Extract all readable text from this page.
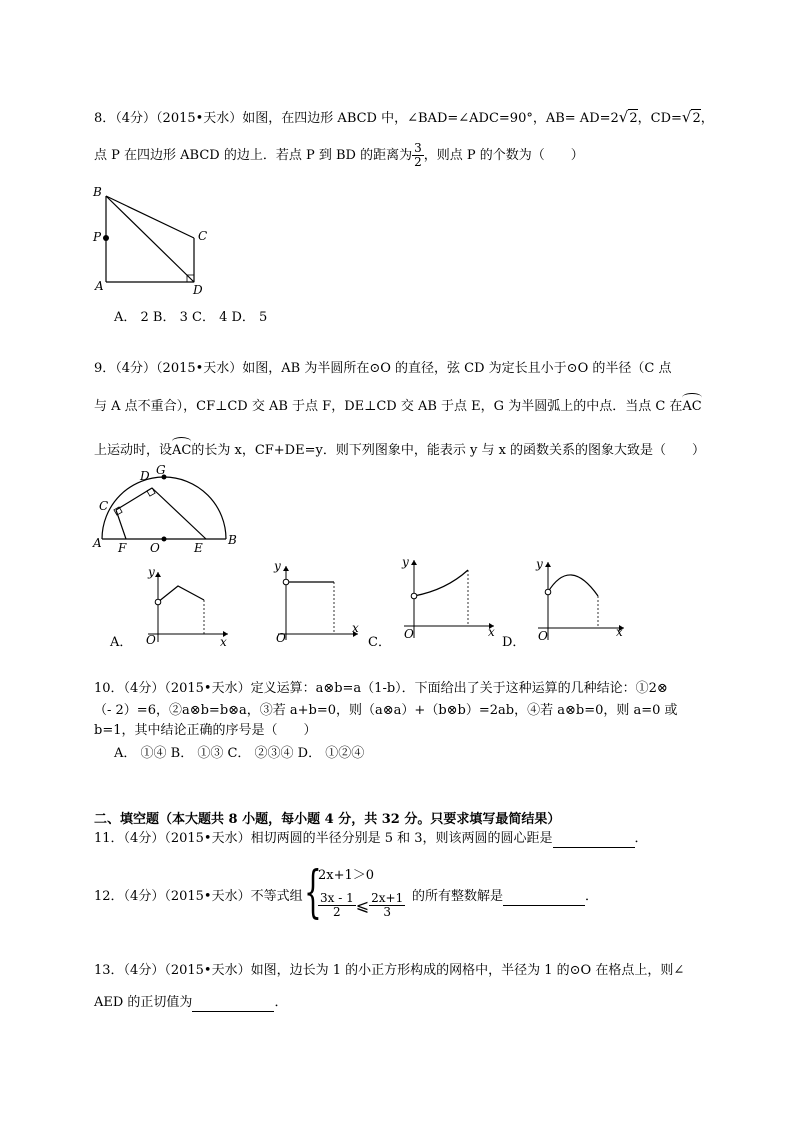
8．（4分）（2015•天水）如图，在四边形 ABCD 中，∠BAD=∠ADC=90°，AB= AD=2√2，CD=√2，
点 P 在四边形 ABCD 的边上．若点 P 到 BD 的距离为 $\frac{3}{2}$ ，则点 P 的个数为（　　）
B
P	C
A	D
A． 2 B． 3 C． 4 D． 5
9．（4分）（2015•天水）如图，AB 为半圆所在⊙O 的直径，弦 CD 为定长且小于⊙O 的半径（C 点
与 A 点不重合），CF⊥CD 交 AB 于点 F，DE⊥CD 交 AB 于点 E，G 为半圆弧上的中点．当点 C 在AC
上运动时，设AC的长为 x，CF+DE=y．则下列图象中，能表示 y 与 x 的函数关系的图象大致是（　　）
D G
C
A F O	E
B
A．
y
x
O
y
x
O	C．
y
x
O
D．
y
x
O
10．（4分）（2015•天水）定义运算：a⊗b=a（1-b）．下面给出了关于这种运算的几种结论：①2⊗
（- 2）=6，②a⊗b=b⊗a，③若 a+b=0，则（a⊗a）+（b⊗b）=2ab，④若 a⊗b=0，则 a=0 或
b=1，其中结论正确的序号是（　　）
A． ①④ B． ①③ C． ②③④ D． ①②④
二、填空题（本大题共 8 小题，每小题 4 分，共 32 分。只要求填写最简结果）
11．（4分）（2015•天水）相切两圆的半径分别是 5 和 3，则该两圆的圆心距是	．
12．（4分）（2015•天水）不等式组 {
2x+1＞0
$\frac{3x - 1}{2}$ ⩽ $\frac{2x+1}{3}$ 的所有整数解是	．
13．（4分）（2015•天水）如图，边长为 1 的小正方形构成的网格中，半径为 1 的⊙O 在格点上，则∠
AED 的正切值为	．
